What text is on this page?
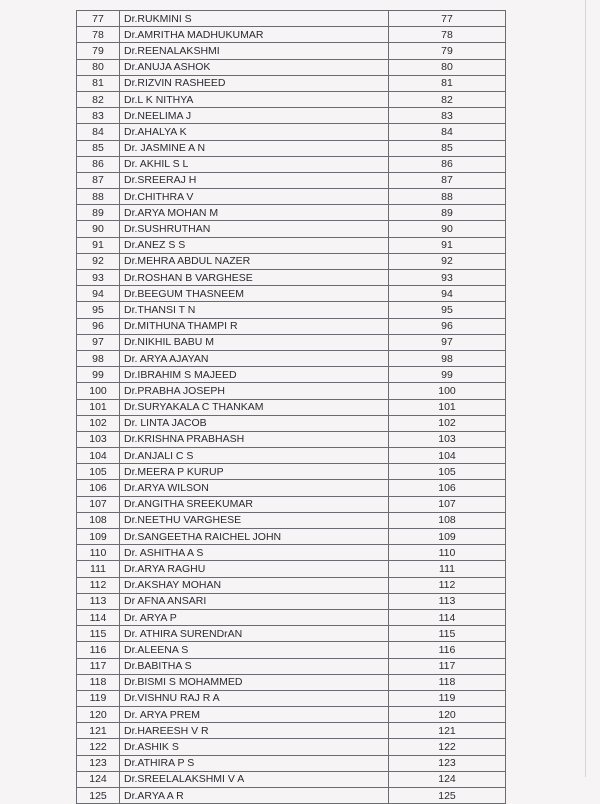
77	Dr.RUKMINI S	77
78	Dr.AMRITHA MADHUKUMAR	78
79	Dr.REENALAKSHMI	79
80	Dr.ANUJA ASHOK	80
81	Dr.RIZVIN RASHEED	81
82	Dr.L K NITHYA	82
83	Dr.NEELIMA J	83
84	Dr.AHALYA K	84
85	Dr. JASMINE A N	85
86	Dr. AKHIL S L	86
87	Dr.SREERAJ H	87
88	Dr.CHITHRA V	88
89	Dr.ARYA MOHAN M	89
90	Dr.SUSHRUTHAN	90
91	Dr.ANEZ S S	91
92	Dr.MEHRA ABDUL NAZER	92
93	Dr.ROSHAN B VARGHESE	93
94	Dr.BEEGUM THASNEEM	94
95	Dr.THANSI T N	95
96	Dr.MITHUNA THAMPI R	96
97	Dr.NIKHIL BABU M	97
98	Dr. ARYA AJAYAN	98
99	Dr.IBRAHIM S MAJEED	99
100	Dr.PRABHA JOSEPH	100
101	Dr.SURYAKALA C THANKAM	101
102	Dr. LINTA JACOB	102
103	Dr.KRISHNA PRABHASH	103
104	Dr.ANJALI C S	104
105	Dr.MEERA P KURUP	105
106	Dr.ARYA WILSON	106
107	Dr.ANGITHA SREEKUMAR	107
108	Dr.NEETHU VARGHESE	108
109	Dr.SANGEETHA RAICHEL JOHN	109
110	Dr. ASHITHA A S	110
111	Dr.ARYA RAGHU	111
112	Dr.AKSHAY MOHAN	112
113	Dr AFNA ANSARI	113
114	Dr. ARYA P	114
115	Dr. ATHIRA SURENDrAN	115
116	Dr.ALEENA S	116
117	Dr.BABITHA S	117
118	Dr.BISMI S MOHAMMED	118
119	Dr.VISHNU RAJ R A	119
120	Dr. ARYA PREM	120
121	Dr.HAREESH V R	121
122	Dr.ASHIK S	122
123	Dr.ATHIRA P S	123
124	Dr.SREELALAKSHMI V A	124
125	Dr.ARYA A R	125
